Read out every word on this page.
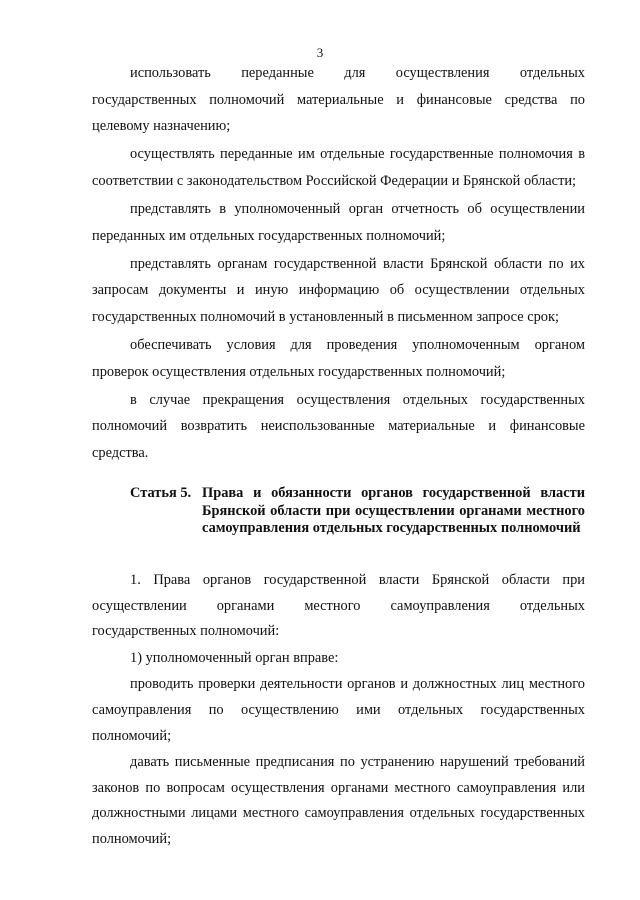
3

использовать переданные для осуществления отдельных государственных полномочий материальные и финансовые средства по целевому назначению;

осуществлять переданные им отдельные государственные полномочия в соответствии с законодательством Российской Федерации и Брянской области;

представлять в уполномоченный орган отчетность об осуществлении переданных им отдельных государственных полномочий;

представлять органам государственной власти Брянской области по их запросам документы и иную информацию об осуществлении отдельных государственных полномочий в установленный в письменном запросе срок;

обеспечивать условия для проведения уполномоченным органом проверок осуществления отдельных государственных полномочий;

в случае прекращения осуществления отдельных государственных полномочий возвратить неиспользованные материальные и финансовые средства.

Статья 5. Права и обязанности органов государственной власти Брянской области при осуществлении органами местного самоуправления отдельных государственных полномочий

1. Права органов государственной власти Брянской области при осуществлении органами местного самоуправления отдельных государственных полномочий:

1) уполномоченный орган вправе:

проводить проверки деятельности органов и должностных лиц местного самоуправления по осуществлению ими отдельных государственных полномочий;

давать письменные предписания по устранению нарушений требований законов по вопросам осуществления органами местного самоуправления или должностными лицами местного самоуправления отдельных государственных полномочий;
